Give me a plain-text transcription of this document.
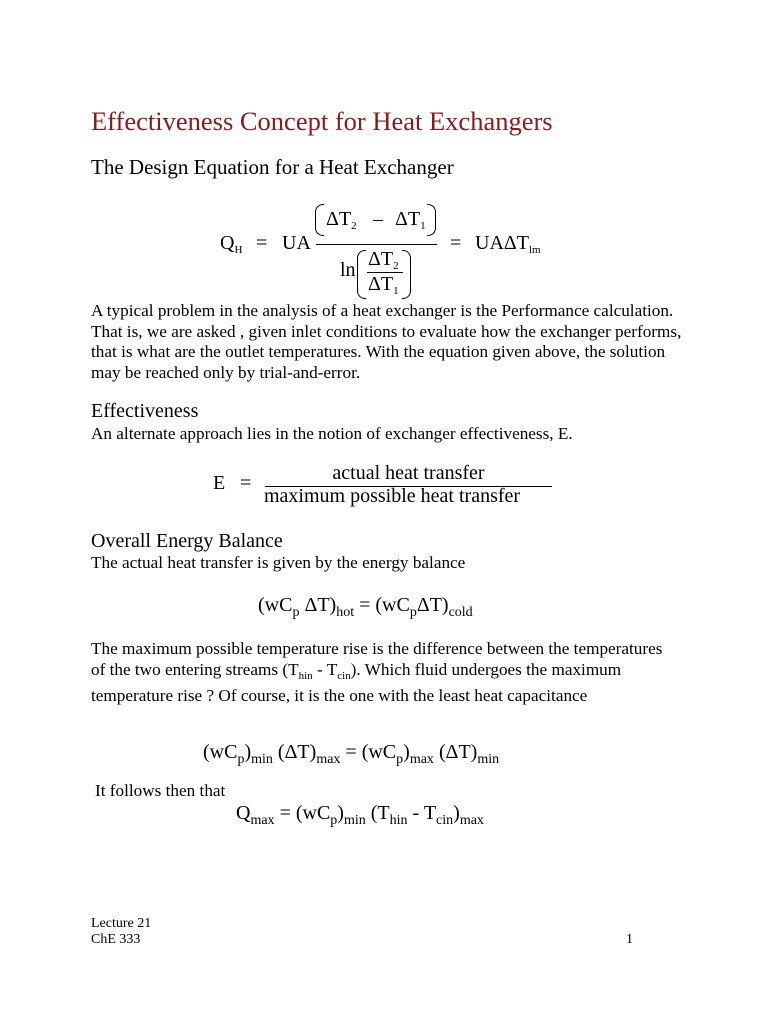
Effectiveness Concept for Heat Exchangers
The Design Equation for a Heat Exchanger
$Q_H$ = UA
$\Delta T_2 - \Delta T_1$
$\ln \Delta T_2$
$\Delta T_1$
= $UA\Delta T_{lm}$
A typical problem in the analysis of a heat exchanger is the Performance calculation. That is, we are asked , given inlet conditions to evaluate how the exchanger performs, that is what are the outlet temperatures. With the equation given above, the solution may be reached only by trial-and-error.
Effectiveness
An alternate approach lies in the notion of exchanger effectiveness, E.
E =	actual heat transfer
maximum possible heat transfer
Overall Energy Balance
The actual heat transfer is given by the energy balance
($wC_p$ $\Delta T)_{hot} = (wC_p\Delta T)_{cold}$
The maximum possible temperature rise is the difference between the temperatures of the two entering streams $(T_{hin} - T_{cin})$. Which fluid undergoes the maximum temperature rise ? Of course, it is the one with the least heat capacitance
$(wC_p)_{min}$ $(\Delta T)_{max} = (wC_p)_{max}$ $(\Delta T)_{min}$
It follows then that
$Q_{max} = (wC_p)_{min}$ $(T_{hin} - T_{cin})_{max}$
Lecture 21
ChE 333	1
